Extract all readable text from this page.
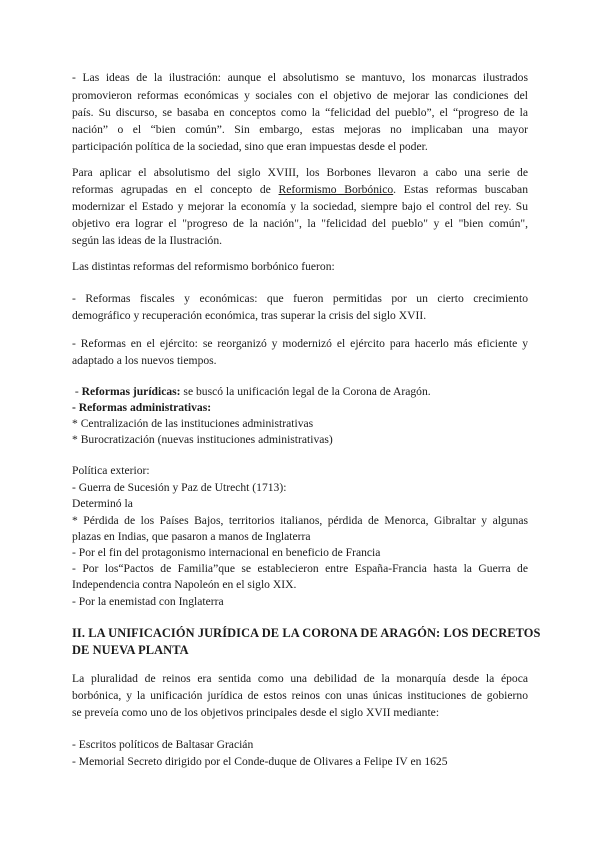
- Las ideas de la ilustración: aunque el absolutismo se mantuvo, los monarcas ilustrados
promovieron reformas económicas y sociales con el objetivo de mejorar las condiciones del
país. Su discurso, se basaba en conceptos como la “felicidad del pueblo”, el “progreso de la
nación” o el “bien común”. Sin embargo, estas mejoras no implicaban una mayor
participación política de la sociedad, sino que eran impuestas desde el poder.
Para aplicar el absolutismo del siglo XVIII, los Borbones llevaron a cabo una serie de
reformas agrupadas en el concepto de Reformismo Borbónico. Estas reformas buscaban
modernizar el Estado y mejorar la economía y la sociedad, siempre bajo el control del rey. Su
objetivo era lograr el "progreso de la nación", la "felicidad del pueblo" y el "bien común",
según las ideas de la Ilustración.
Las distintas reformas del reformismo borbónico fueron:
- Reformas fiscales y económicas: que fueron permitidas por un cierto crecimiento
demográfico y recuperación económica, tras superar la crisis del siglo XVII.
- Reformas en el ejército: se reorganizó y modernizó el ejército para hacerlo más eficiente y
adaptado a los nuevos tiempos.
- Reformas jurídicas: se buscó la unificación legal de la Corona de Aragón.
- Reformas administrativas:
* Centralización de las instituciones administrativas
* Burocratización (nuevas instituciones administrativas)
Política exterior:
- Guerra de Sucesión y Paz de Utrecht (1713):
Determinó la
* Pérdida de los Países Bajos, territorios italianos, pérdida de Menorca, Gibraltar y algunas
plazas en Indias, que pasaron a manos de Inglaterra
- Por el fin del protagonismo internacional en beneficio de Francia
- Por los“Pactos de Familia”que se establecieron entre España-Francia hasta la Guerra de
Independencia contra Napoleón en el siglo XIX.
- Por la enemistad con Inglaterra
II. LA UNIFICACIÓN JURÍDICA DE LA CORONA DE ARAGÓN: LOS DECRETOS
DE NUEVA PLANTA
La pluralidad de reinos era sentida como una debilidad de la monarquía desde la época
borbónica, y la unificación jurídica de estos reinos con unas únicas instituciones de gobierno
se preveía como uno de los objetivos principales desde el siglo XVII mediante:
- Escritos políticos de Baltasar Gracián
- Memorial Secreto dirigido por el Conde-duque de Olivares a Felipe IV en 1625
